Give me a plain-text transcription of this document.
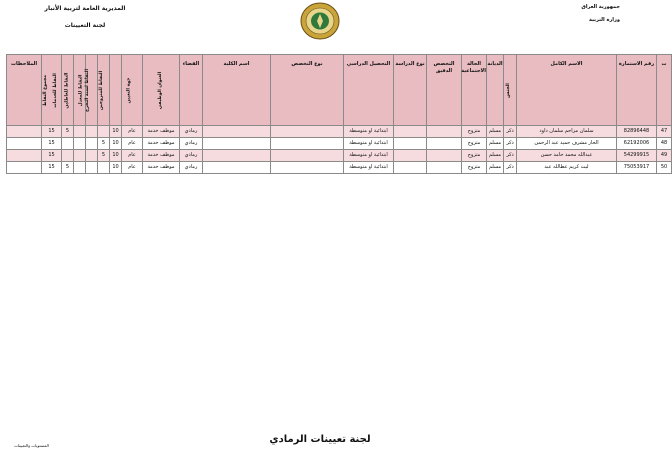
المديرية العامة لتربية الأنبار
لجنة التعيينات
جمهورية العراق
وزارة التربية
ت	رقم الاستمارة	الاسم الكامل	الجنس	الديانة	الحالة الاجتماعية	التخصص الدقيق	نوع الدراسة	التحصيل الدراسي	نوع التخصص	اسم الكلية	القضاء	العنوان الوظيفي	جهة التعيين	النقاط للمتزوجين	النقاط لسنة التخرج	النقاط للمعدل	النقاط للعاطلين	النقاط للخدمات	مجموع النقاط	الملاحظات
47	82896448	سلمان مزاحم سلمان داود	ذكر	مسلم	متزوج			ابتدائية او متوسطة			رمادي	موظف خدمة	عام	10				5	15	
48	62192006	الحار مشرف حميد عبد الرحمن	ذكر	مسلم	متزوج			ابتدائية او متوسطة			رمادي	موظف خدمة	عام	10	5				15	
49	54299915	عبدالله محمد حامد حسن	ذكر	مسلم	متزوج			ابتدائية او متوسطة			رمادي	موظف خدمة	عام	10	5				15	
50	75053917	ليث كريم عطالله عبد	ذكر	مسلم	متزوج			ابتدائية او متوسطة			رمادي	موظف خدمة	عام	10				5	15	
لجنة تعيينات الرمادي
المستويات والتعيينات
